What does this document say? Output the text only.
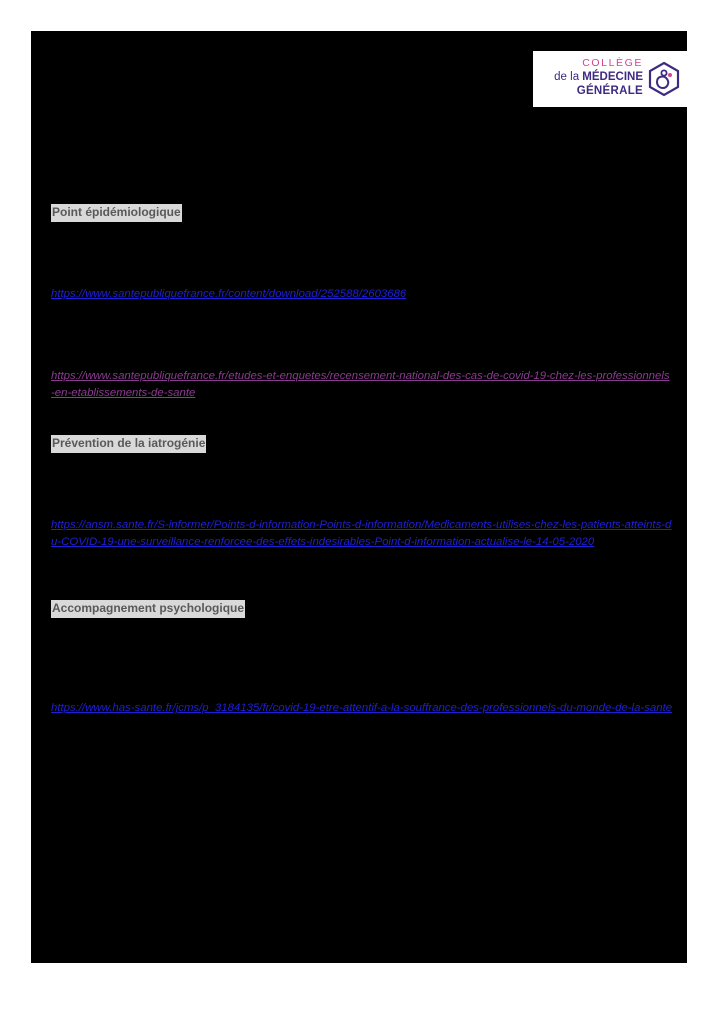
COLLÈGE
de la MÉDECINE
GÉNÉRALE
Point épidémiologique
https://www.santepubliquefrance.fr/content/download/252588/2603686
https://www.santepubliquefrance.fr/etudes-et-enquetes/recensement-national-des-cas-de-covid-19-chez-les-professionnels-en-etablissements-de-sante
Prévention de la iatrogénie
https://ansm.sante.fr/S-informer/Points-d-information-Points-d-information/Medicaments-utilises-chez-les-patients-atteints-du-COVID-19-une-surveillance-renforcee-des-effets-indesirables-Point-d-information-actualise-le-14-05-2020
Accompagnement psychologique
https://www.has-sante.fr/jcms/p_3184135/fr/covid-19-etre-attentif-a-la-souffrance-des-professionnels-du-monde-de-la-sante
